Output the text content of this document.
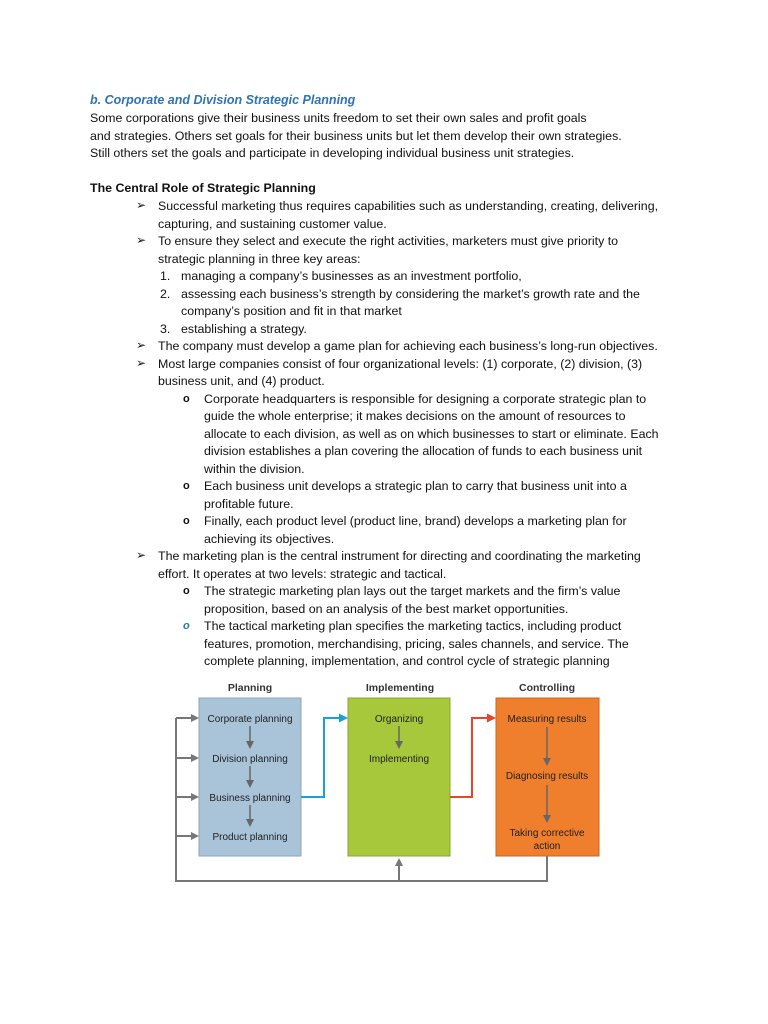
b. Corporate and Division Strategic Planning
Some corporations give their business units freedom to set their own sales and profit goals
and strategies. Others set goals for their business units but let them develop their own strategies.
Still others set the goals and participate in developing individual business unit strategies.
The Central Role of Strategic Planning
➢ Successful marketing thus requires capabilities such as understanding, creating, delivering,
capturing, and sustaining customer value.
➢ To ensure they select and execute the right activities, marketers must give priority to
strategic planning in three key areas:
1. managing a company’s businesses as an investment portfolio,
2. assessing each business’s strength by considering the market’s growth rate and the
company’s position and fit in that market
3. establishing a strategy.
➢ The company must develop a game plan for achieving each business’s long-run objectives.
➢ Most large companies consist of four organizational levels: (1) corporate, (2) division, (3)
business unit, and (4) product.
o Corporate headquarters is responsible for designing a corporate strategic plan to
guide the whole enterprise; it makes decisions on the amount of resources to
allocate to each division, as well as on which businesses to start or eliminate. Each
division establishes a plan covering the allocation of funds to each business unit
within the division.
o Each business unit develops a strategic plan to carry that business unit into a
profitable future.
o Finally, each product level (product line, brand) develops a marketing plan for
achieving its objectives.
➢ The marketing plan is the central instrument for directing and coordinating the marketing
effort. It operates at two levels: strategic and tactical.
o The strategic marketing plan lays out the target markets and the firm’s value
proposition, based on an analysis of the best market opportunities.
o The tactical marketing plan specifies the marketing tactics, including product
features, promotion, merchandising, pricing, sales channels, and service. The
complete planning, implementation, and control cycle of strategic planning
Planning	Implementing	Controlling
Corporate planning
Division planning
Business planning
Product planning
Organizing
Implementing
Measuring results
Diagnosing results
Taking corrective
action
